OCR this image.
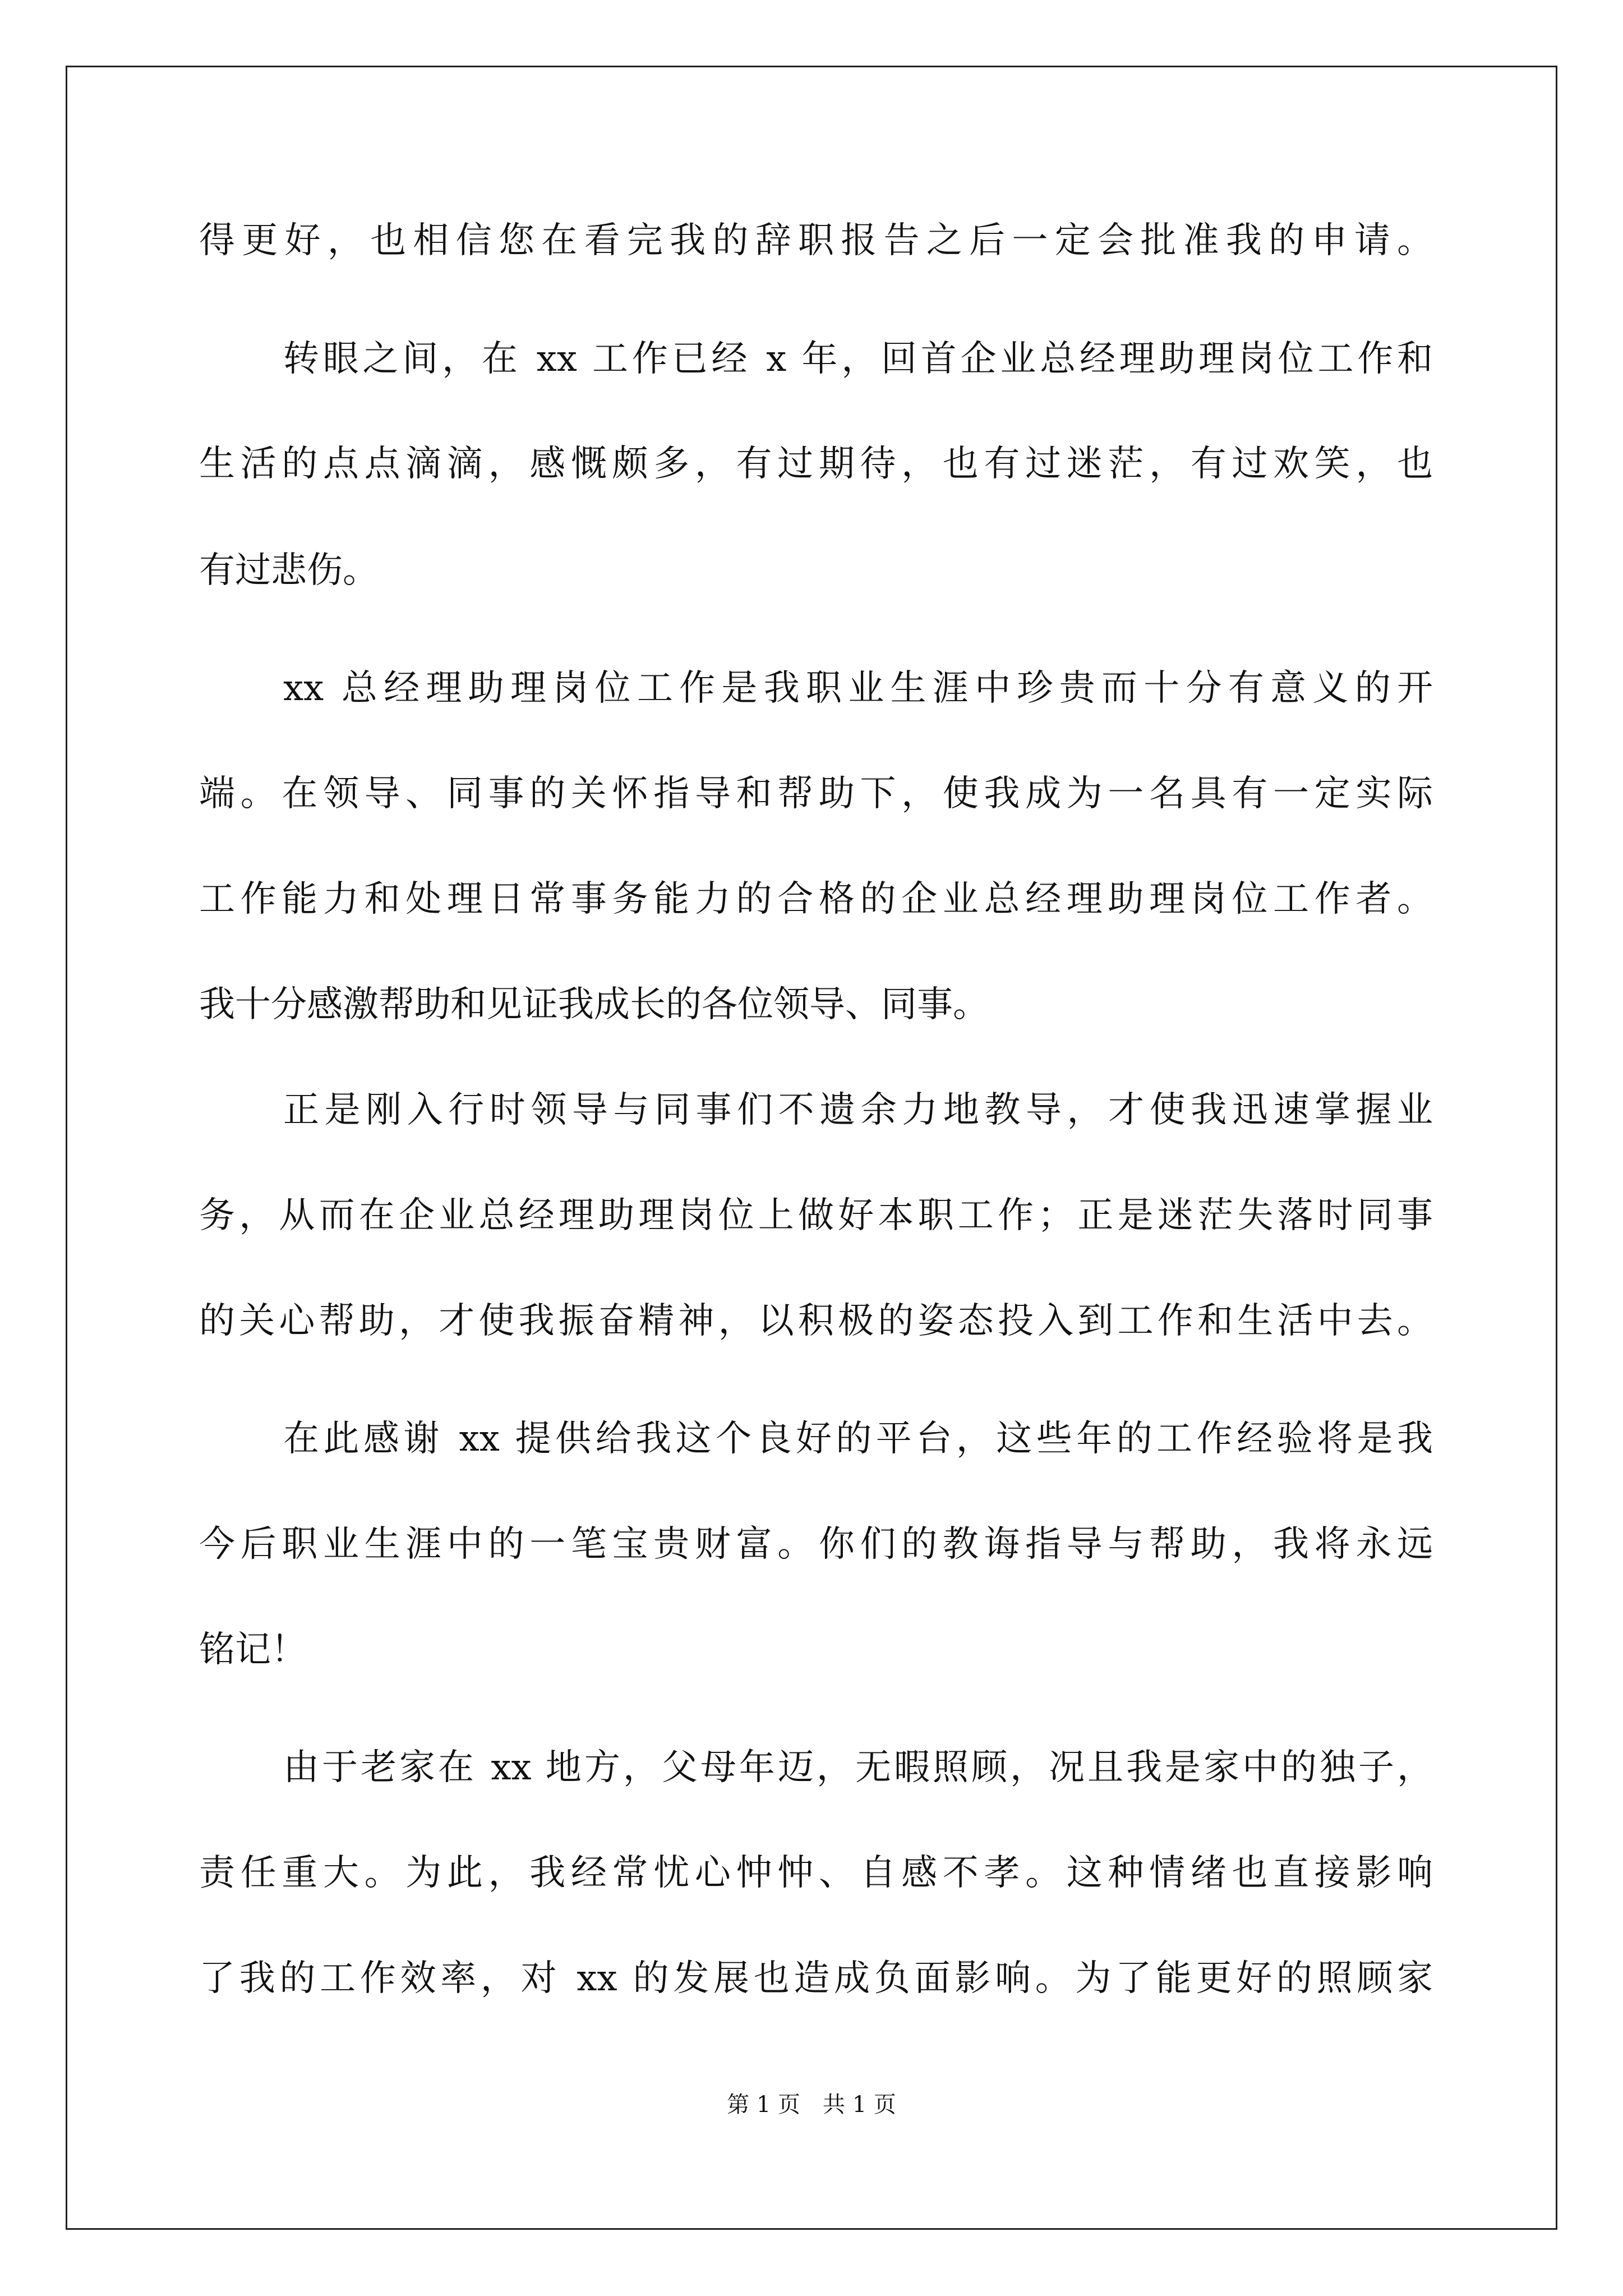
得更好，也相信您在看完我的辞职报告之后一定会批准我的申请。
转眼之间，在 xx 工作已经 x 年，回首企业总经理助理岗位工作和
生活的点点滴滴，感慨颇多，有过期待，也有过迷茫，有过欢笑，也
有过悲伤。
xx 总经理助理岗位工作是我职业生涯中珍贵而十分有意义的开
端。在领导、同事的关怀指导和帮助下，使我成为一名具有一定实际
工作能力和处理日常事务能力的合格的企业总经理助理岗位工作者。
我十分感激帮助和见证我成长的各位领导、同事。
正是刚入行时领导与同事们不遗余力地教导，才使我迅速掌握业
务，从而在企业总经理助理岗位上做好本职工作；正是迷茫失落时同事
的关心帮助，才使我振奋精神，以积极的姿态投入到工作和生活中去。
在此感谢 xx 提供给我这个良好的平台，这些年的工作经验将是我
今后职业生涯中的一笔宝贵财富。你们的教诲指导与帮助，我将永远
铭记！
由于老家在 xx 地方，父母年迈，无暇照顾，况且我是家中的独子，
责任重大。为此，我经常忧心忡忡、自感不孝。这种情绪也直接影响
了我的工作效率，对 xx 的发展也造成负面影响。为了能更好的照顾家
第 1 页　共 1 页
